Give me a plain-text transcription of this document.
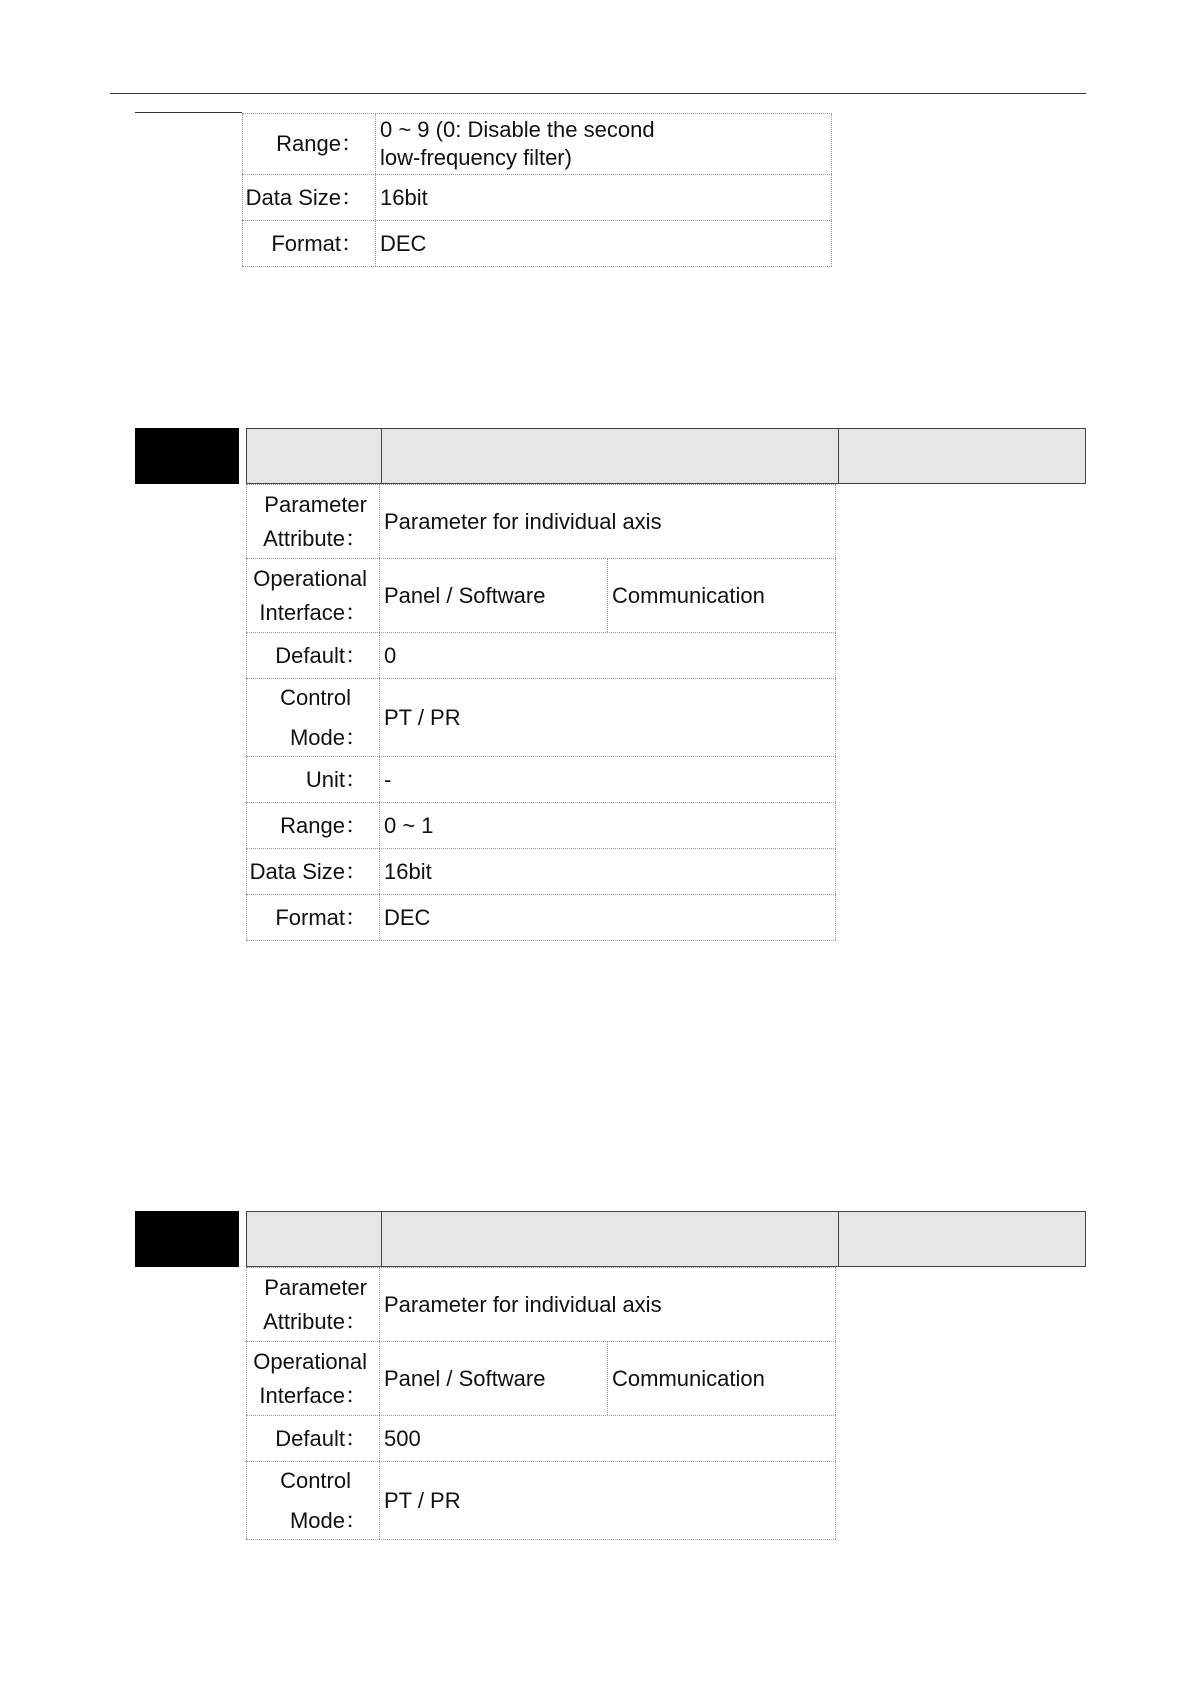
Range：
0 ~ 9 (0: Disable the second
low-frequency filter)
Data Size： 16bit
Format： DEC
Parameter
Attribute：
Parameter for individual axis
Operational
Interface：
Panel / Software	Communication
Default： 0
Control
Mode：
PT / PR
Unit： -
Range： 0 ~ 1
Data Size： 16bit
Format： DEC
Parameter
Attribute：
Parameter for individual axis
Operational
Interface：
Panel / Software	Communication
Default： 500
Control
Mode：
PT / PR
